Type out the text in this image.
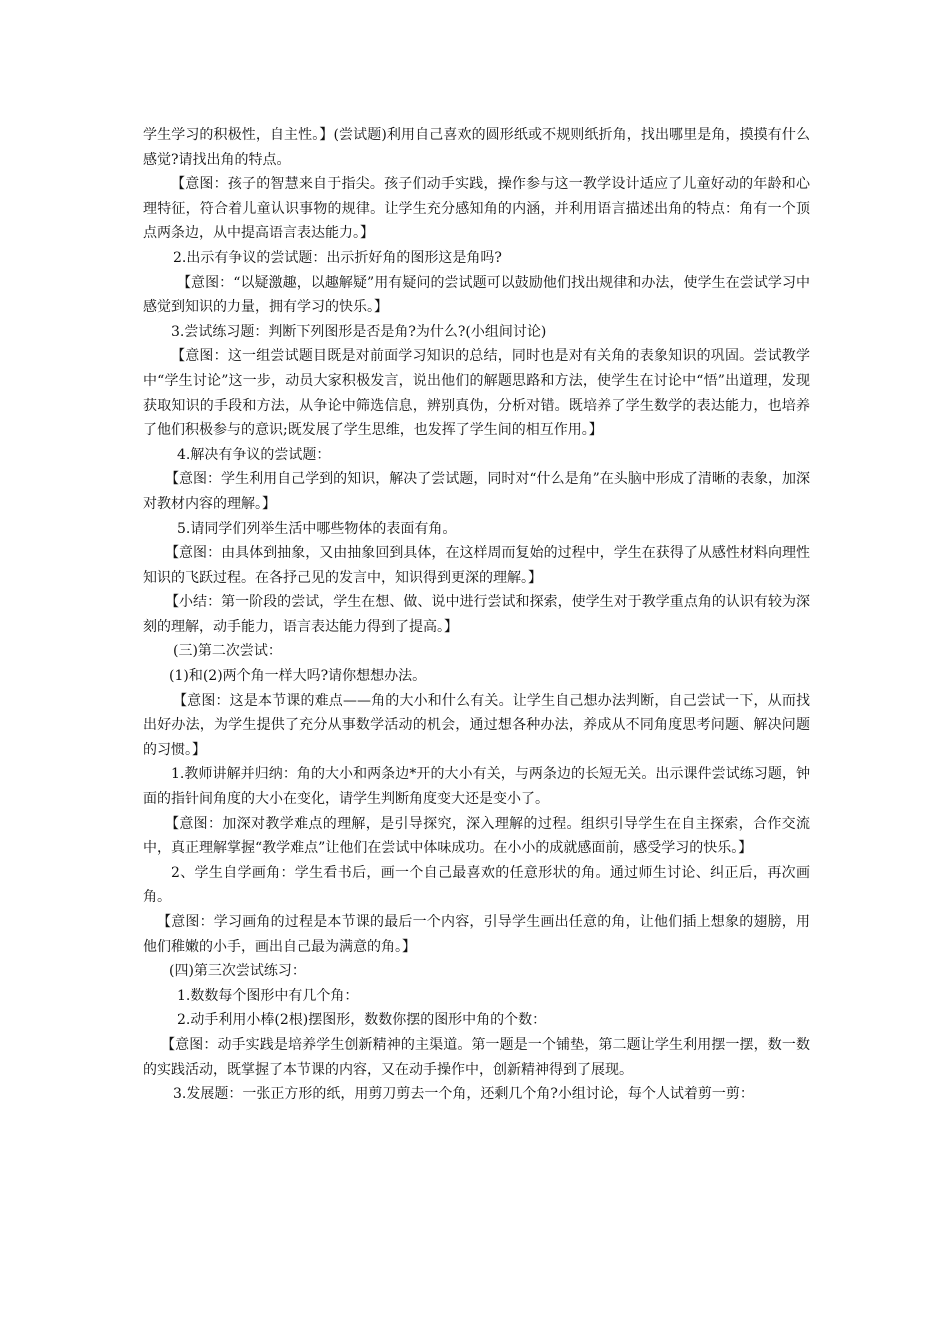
学生学习的积极性，自主性。】(尝试题)利用自己喜欢的圆形纸或不规则纸折角，找出哪里是角，摸摸有什么感觉?请找出角的特点。

【意图：孩子的智慧来自于指尖。孩子们动手实践，操作参与这一教学设计适应了儿童好动的年龄和心理特征，符合着儿童认识事物的规律。让学生充分感知角的内涵，并利用语言描述出角的特点：角有一个顶点两条边，从中提高语言表达能力。】

2.出示有争议的尝试题：出示折好角的图形这是角吗?

【意图：“以疑激趣，以趣解疑”用有疑问的尝试题可以鼓励他们找出规律和办法，使学生在尝试学习中感觉到知识的力量，拥有学习的快乐。】

3.尝试练习题：判断下列图形是否是角?为什么?(小组间讨论)

【意图：这一组尝试题目既是对前面学习知识的总结，同时也是对有关角的表象知识的巩固。尝试教学中“学生讨论”这一步，动员大家积极发言，说出他们的解题思路和方法，使学生在讨论中“悟”出道理，发现获取知识的手段和方法，从争论中筛选信息，辨别真伪，分析对错。既培养了学生数学的表达能力，也培养了他们积极参与的意识;既发展了学生思维，也发挥了学生间的相互作用。】

4.解决有争议的尝试题：

【意图：学生利用自己学到的知识，解决了尝试题，同时对“什么是角”在头脑中形成了清晰的表象，加深对教材内容的理解。】

5.请同学们列举生活中哪些物体的表面有角。

【意图：由具体到抽象，又由抽象回到具体，在这样周而复始的过程中，学生在获得了从感性材料向理性知识的飞跃过程。在各抒己见的发言中，知识得到更深的理解。】

【小结：第一阶段的尝试，学生在想、做、说中进行尝试和探索，使学生对于教学重点角的认识有较为深刻的理解，动手能力，语言表达能力得到了提高。】

(三)第二次尝试：

(1)和(2)两个角一样大吗?请你想想办法。

【意图：这是本节课的难点——角的大小和什么有关。让学生自己想办法判断，自己尝试一下，从而找出好办法，为学生提供了充分从事数学活动的机会，通过想各种办法，养成从不同角度思考问题、解决问题的习惯。】

1.教师讲解并归纳：角的大小和两条边*开的大小有关，与两条边的长短无关。出示课件尝试练习题，钟面的指针间角度的大小在变化，请学生判断角度变大还是变小了。

【意图：加深对教学难点的理解，是引导探究，深入理解的过程。组织引导学生在自主探索，合作交流中，真正理解掌握“教学难点”让他们在尝试中体味成功。在小小的成就感面前，感受学习的快乐。】

2、学生自学画角：学生看书后，画一个自己最喜欢的任意形状的角。通过师生讨论、纠正后，再次画角。

【意图：学习画角的过程是本节课的最后一个内容，引导学生画出任意的角，让他们插上想象的翅膀，用他们稚嫩的小手，画出自己最为满意的角。】

(四)第三次尝试练习：

1.数数每个图形中有几个角：

2.动手利用小棒(2根)摆图形，数数你摆的图形中角的个数：

【意图：动手实践是培养学生创新精神的主渠道。第一题是一个铺垫，第二题让学生利用摆一摆，数一数的实践活动，既掌握了本节课的内容，又在动手操作中，创新精神得到了展现。

3.发展题：一张正方形的纸，用剪刀剪去一个角，还剩几个角?小组讨论，每个人试着剪一剪：
